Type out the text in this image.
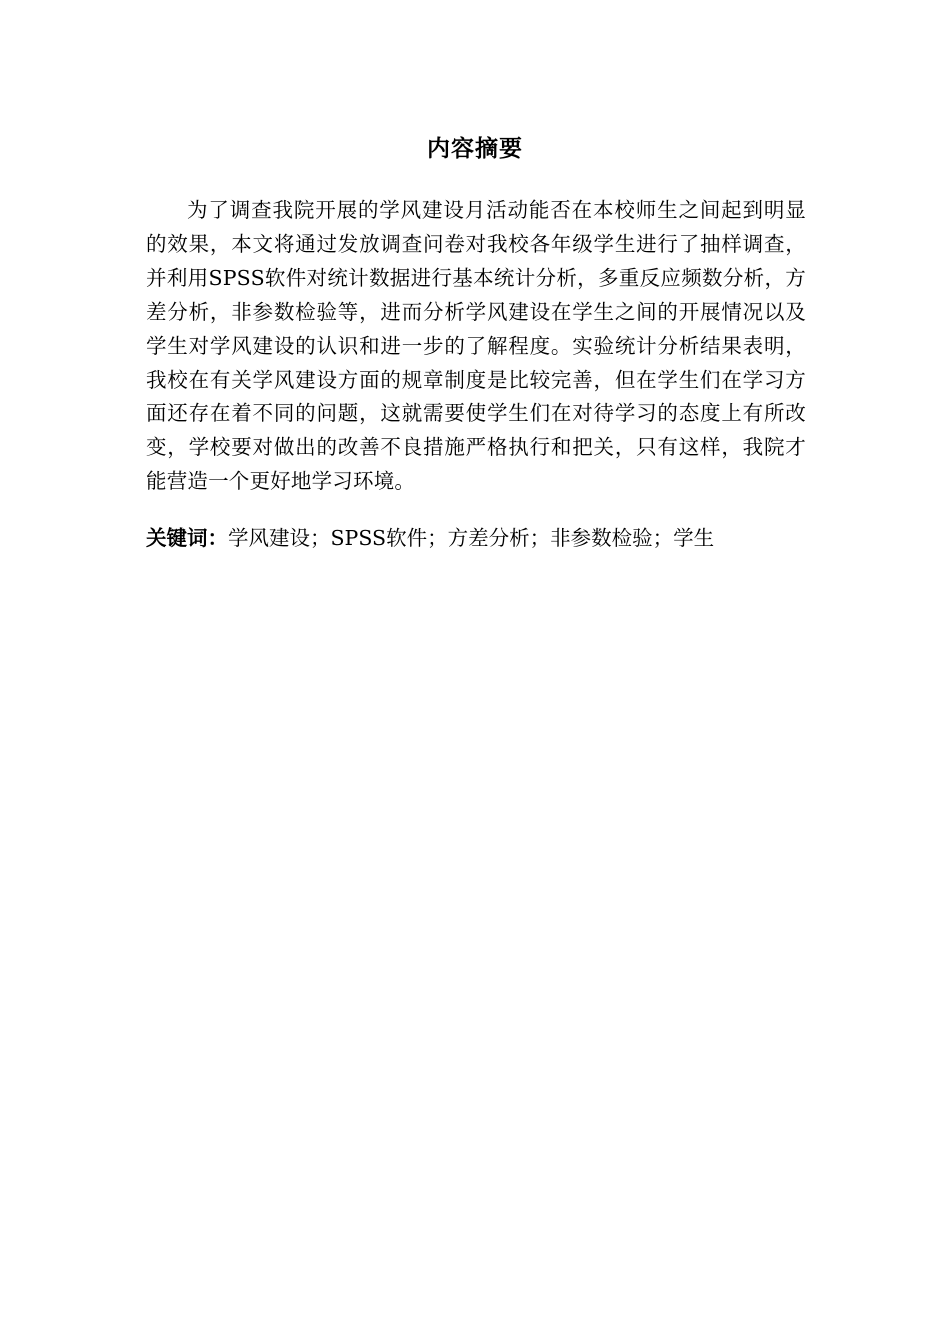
内容摘要

为了调查我院开展的学风建设月活动能否在本校师生之间起到明显的效果，本文将通过发放调查问卷对我校各年级学生进行了抽样调查，并利用SPSS软件对统计数据进行基本统计分析，多重反应频数分析，方差分析，非参数检验等，进而分析学风建设在学生之间的开展情况以及学生对学风建设的认识和进一步的了解程度。实验统计分析结果表明，我校在有关学风建设方面的规章制度是比较完善，但在学生们在学习方面还存在着不同的问题，这就需要使学生们在对待学习的态度上有所改变，学校要对做出的改善不良措施严格执行和把关，只有这样，我院才能营造一个更好地学习环境。

关键词：学风建设；SPSS软件；方差分析；非参数检验；学生
